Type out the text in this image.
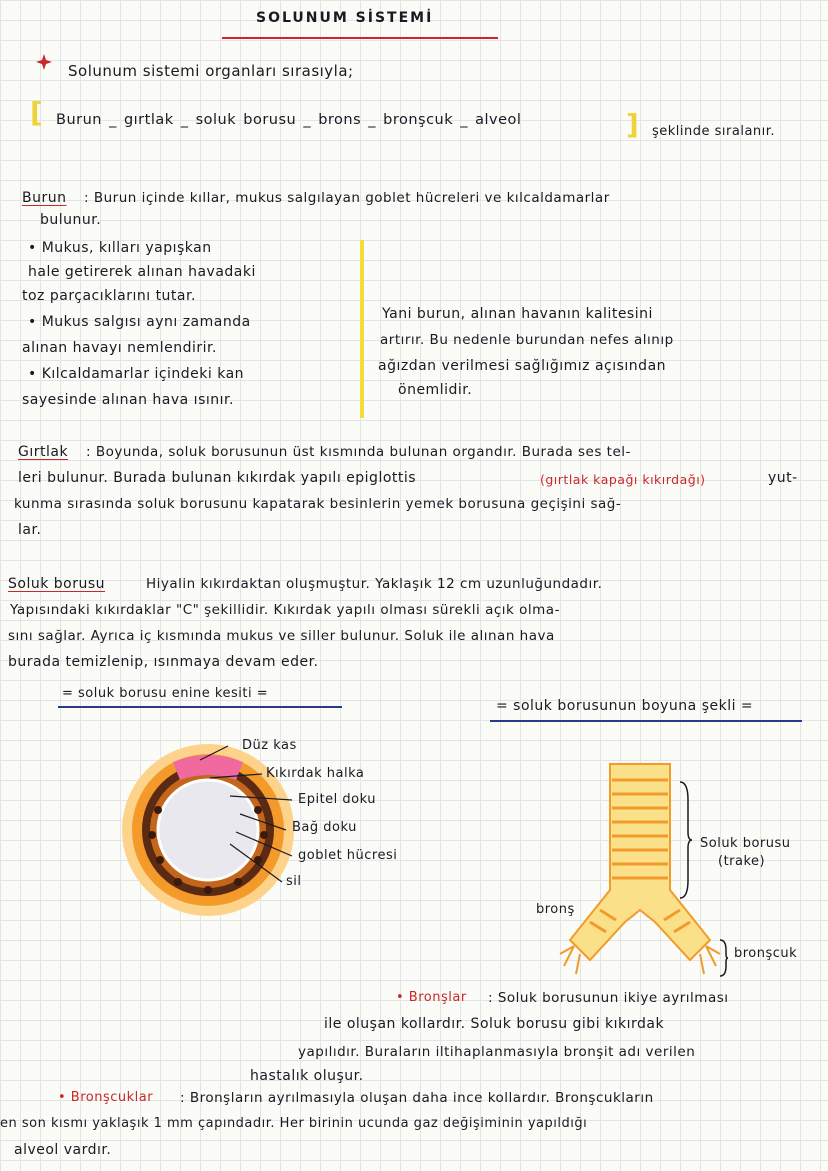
SOLUNUM SİSTEMİ
Solunum sistemi organları sırasıyla;
[ Burun _ gırtlak _ soluk borusu _ brons _ bronşcuk _ alveol	] şeklinde sıralanır.
Burun : Burun içinde kıllar, mukus salgılayan goblet hücreleri ve kılcaldamarlar
bulunur.
• Mukus, kılları yapışkan
hale getirerek alınan havadaki
toz parçacıklarını tutar.
• Mukus salgısı aynı zamanda
alınan havayı nemlendirir.
• Kılcaldamarlar içindeki kan
sayesinde alınan hava ısınır.
Yani burun, alınan havanın kalitesini
artırır. Bu nedenle burundan nefes alınıp
ağızdan verilmesi sağlığımız açısından
önemlidir.
Gırtlak : Boyunda, soluk borusunun üst kısmında bulunan organdır. Burada ses tel-
leri bulunur. Burada bulunan kıkırdak yapılı epiglottis	(gırtlak kapağı kıkırdağı)	yut-
kunma sırasında soluk borusunu kapatarak besinlerin yemek borusuna geçişini sağ-
lar.
Soluk borusu	Hiyalin kıkırdaktan oluşmuştur. Yaklaşık 12 cm uzunluğundadır.
Yapısındaki kıkırdaklar "C" şekillidir. Kıkırdak yapılı olması sürekli açık olma-
sını sağlar. Ayrıca iç kısmında mukus ve siller bulunur. Soluk ile alınan hava
burada temizlenip, ısınmaya devam eder.
= soluk borusu enine kesiti =
= soluk borusunun boyuna şekli =
Düz kas
Kıkırdak halka
Epitel doku
Bağ doku
goblet hücresi
sil
Soluk borusu
(trake)
bronş
bronşcuk
• Bronşlar : Soluk borusunun ikiye ayrılması
ile oluşan kollardır. Soluk borusu gibi kıkırdak
yapılıdır. Buraların iltihaplanmasıyla bronşit adı verilen
hastalık oluşur.
• Bronşcuklar : Bronşların ayrılmasıyla oluşan daha ince kollardır. Bronşcukların
en son kısmı yaklaşık 1 mm çapındadır. Her birinin ucunda gaz değişiminin yapıldığı
alveol vardır.
